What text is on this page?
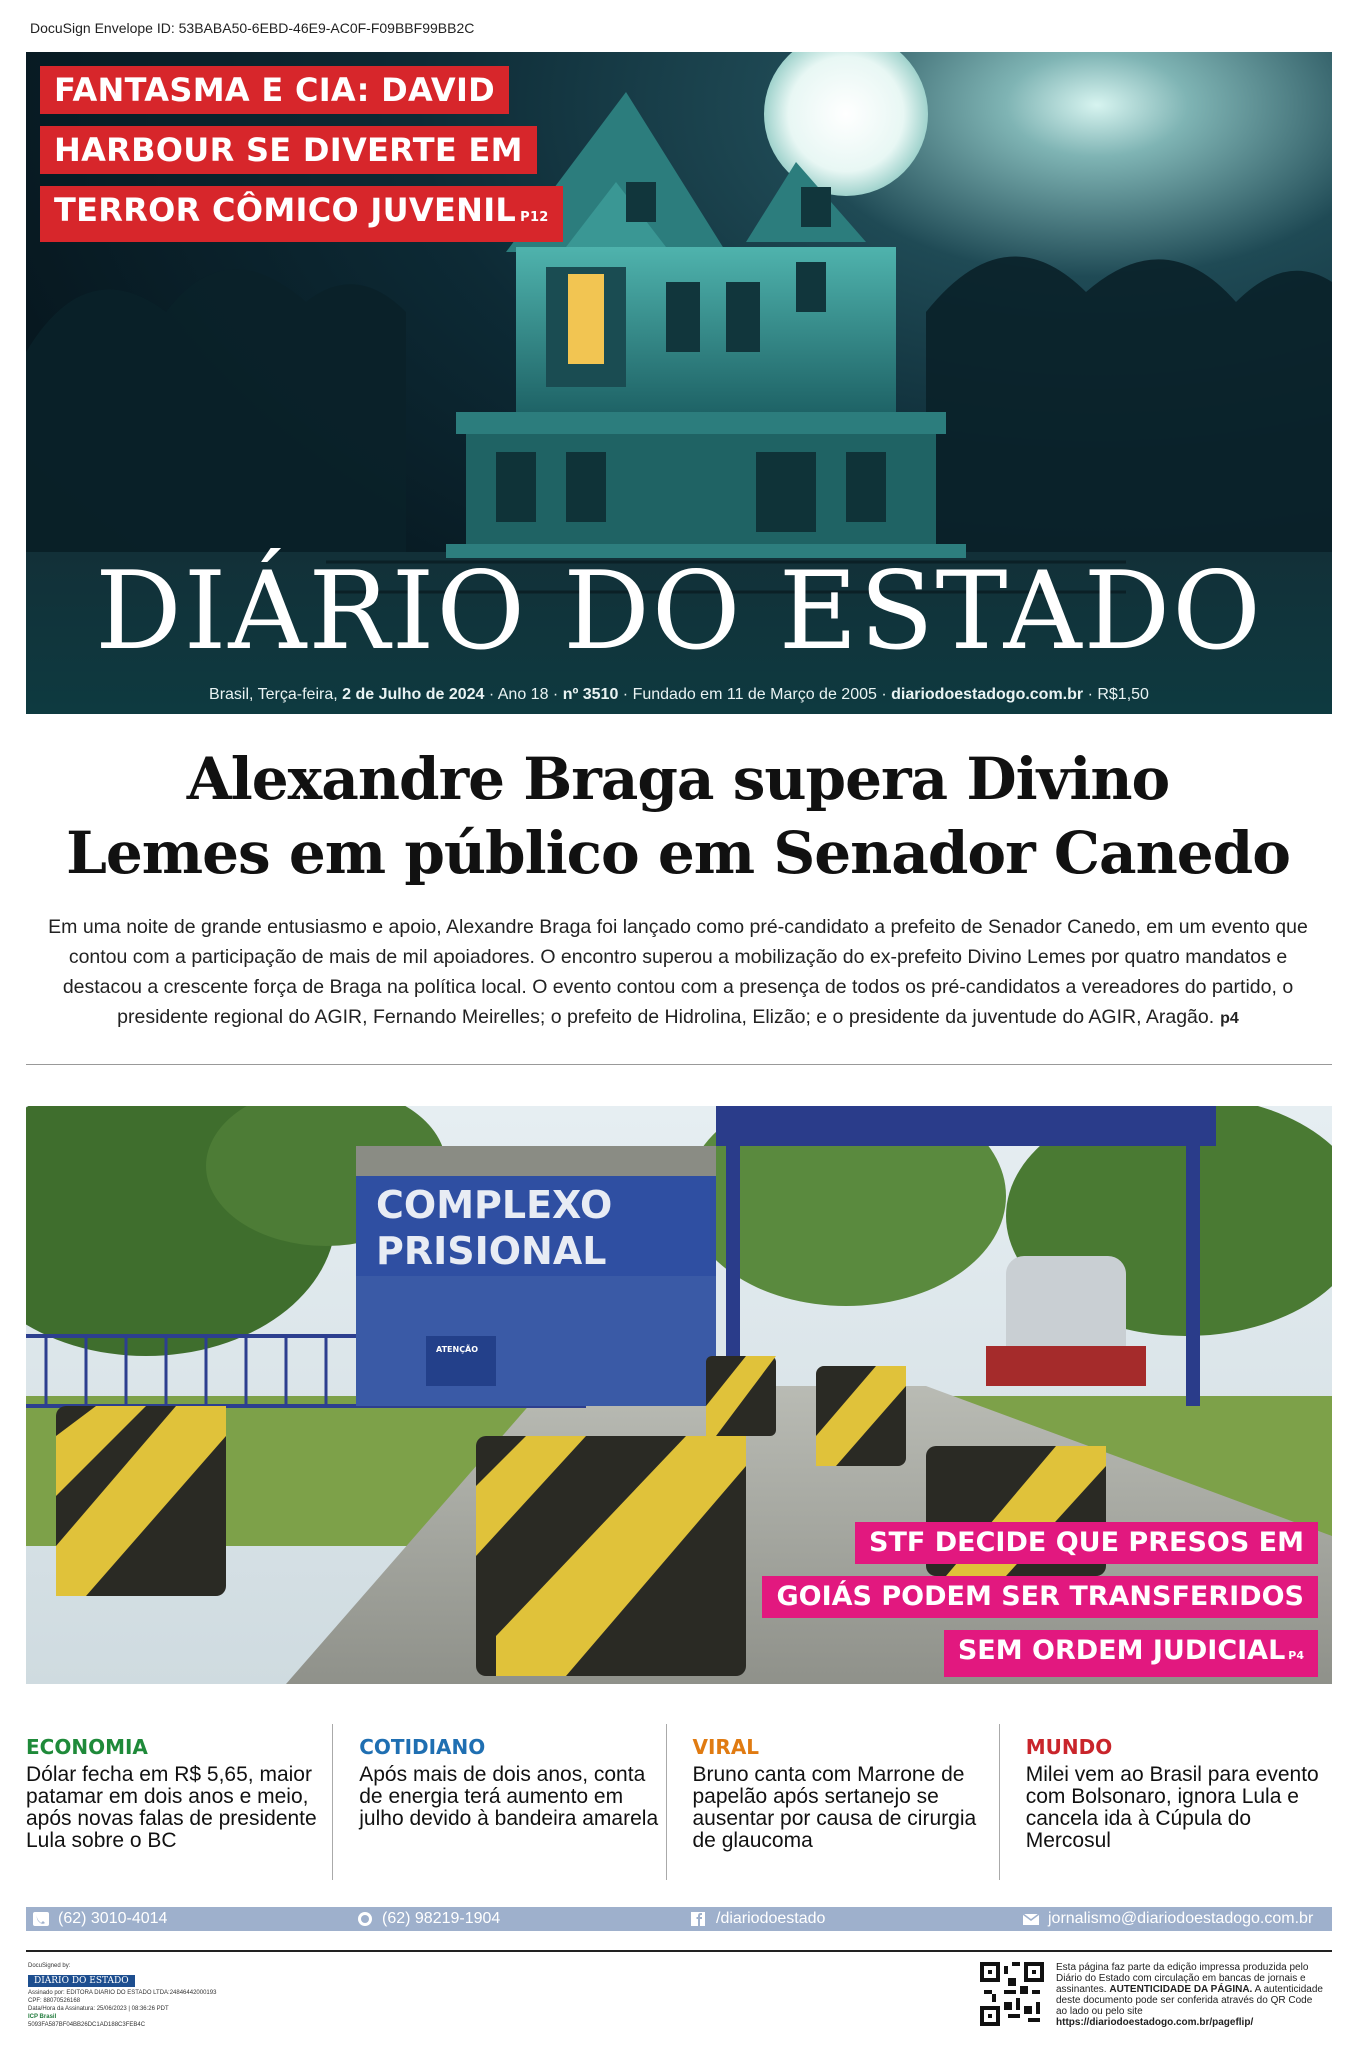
DocuSign Envelope ID: 53BABA50-6EBD-46E9-AC0F-F09BBF99BB2C
FANTASMA E CIA: DAVID
HARBOUR SE DIVERTE EM
TERROR CÔMICO JUVENIL P12
DIÁRIO DO ESTADO
Brasil, Terça-feira, 2 de Julho de 2024 · Ano 18 · nº 3510 · Fundado em 11 de Março de 2005 · diariodoestadogo.com.br · R$1,50
Alexandre Braga supera Divino
Lemes em público em Senador Canedo
Em uma noite de grande entusiasmo e apoio, Alexandre Braga foi lançado como pré-candidato a prefeito de Senador Canedo, em um evento que contou com a participação de mais de mil apoiadores. O encontro superou a mobilização do ex-prefeito Divino Lemes por quatro mandatos e destacou a crescente força de Braga na política local. O evento contou com a presença de todos os pré-candidatos a vereadores do partido, o presidente regional do AGIR, Fernando Meirelles; o prefeito de Hidrolina, Elizão; e o presidente da juventude do AGIR, Aragão. p4
COMPLEXO
PRISIONAL
ATENÇÃO
STF DECIDE QUE PRESOS EM
GOIÁS PODEM SER TRANSFERIDOS
SEM ORDEM JUDICIAL P4
ECONOMIA
Dólar fecha em R$ 5,65, maior patamar em dois anos e meio, após novas falas de presidente Lula sobre o BC
COTIDIANO
Após mais de dois anos, conta de energia terá aumento em julho devido à bandeira amarela
VIRAL
Bruno canta com Marrone de papelão após sertanejo se ausentar por causa de cirurgia de glaucoma
MUNDO
Milei vem ao Brasil para evento com Bolsonaro, ignora Lula e cancela ida à Cúpula do Mercosul
(62) 3010-4014	(62) 98219-1904	/diariodoestado	jornalismo@diariodoestadogo.com.br
DocuSigned by:
DIÁRIO DO ESTADO
Assinado por: EDITORA DIARIO DO ESTADO LTDA:24846442000193
CPF: 88070526168
Data/Hora da Assinatura: 25/06/2023 | 08:36:26 PDT
ICP Brasil
5093FA587BF04BB26DC1AD188C3FEB4C
Esta página faz parte da edição impressa produzida pelo Diário do Estado com circulação em bancas de jornais e assinantes. AUTENTICIDADE DA PÁGINA. A autenticidade deste documento pode ser conferida através do QR Code ao lado ou pelo site https://diariodoestadogo.com.br/pageflip/
